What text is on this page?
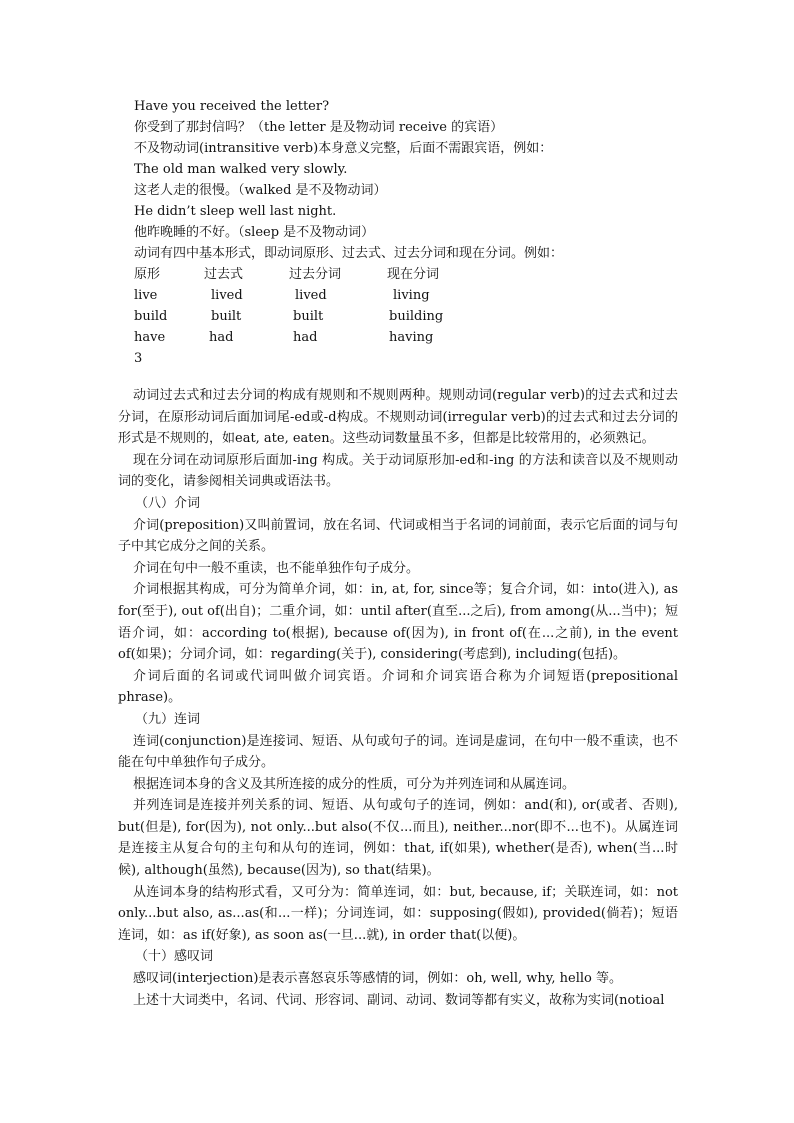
Have you received the letter?
你受到了那封信吗？（the letter 是及物动词 receive 的宾语）
不及物动词(intransitive verb)本身意义完整，后面不需跟宾语，例如：
The old man walked very slowly.
这老人走的很慢。（walked 是不及物动词）
He didn’t sleep well last night.
他昨晚睡的不好。（sleep 是不及物动词）
动词有四中基本形式，即动词原形、过去式、过去分词和现在分词。例如：
原形	过去式	过去分词	现在分词
live	lived	lived	living
build	built	built	building
have	had	had	having
3

动词过去式和过去分词的构成有规则和不规则两种。规则动词(regular verb)的过去式和过去分词，在原形动词后面加词尾-ed或-d构成。不规则动词(irregular verb)的过去式和过去分词的形式是不规则的，如eat, ate, eaten。这些动词数量虽不多，但都是比较常用的，必须熟记。

现在分词在动词原形后面加-ing 构成。关于动词原形加-ed和-ing 的方法和读音以及不规则动词的变化，请参阅相关词典或语法书。

（八）介词

介词(preposition)又叫前置词，放在名词、代词或相当于名词的词前面，表示它后面的词与句子中其它成分之间的关系。

介词在句中一般不重读，也不能单独作句子成分。

介词根据其构成，可分为简单介词，如：in, at, for, since等；复合介词，如：into(进入), as for(至于), out of(出自)；二重介词，如：until after(直至...之后), from among(从...当中)；短语介词，如：according to(根据), because of(因为), in front of(在...之前), in the event of(如果)；分词介词，如：regarding(关于), considering(考虑到), including(包括)。

介词后面的名词或代词叫做介词宾语。介词和介词宾语合称为介词短语(prepositional phrase)。

（九）连词

连词(conjunction)是连接词、短语、从句或句子的词。连词是虚词，在句中一般不重读，也不能在句中单独作句子成分。

根据连词本身的含义及其所连接的成分的性质，可分为并列连词和从属连词。

并列连词是连接并列关系的词、短语、从句或句子的连词，例如：and(和), or(或者、否则), but(但是), for(因为), not only...but also(不仅...而且), neither...nor(即不...也不)。从属连词是连接主从复合句的主句和从句的连词，例如：that, if(如果), whether(是否), when(当...时候), although(虽然), because(因为), so that(结果)。

从连词本身的结构形式看，又可分为：简单连词，如：but, because, if；关联连词，如：not only...but also, as...as(和...一样)；分词连词，如：supposing(假如), provided(倘若)；短语连词，如：as if(好象), as soon as(一旦...就), in order that(以便)。

（十）感叹词

感叹词(interjection)是表示喜怒哀乐等感情的词，例如：oh, well, why, hello 等。

上述十大词类中，名词、代词、形容词、副词、动词、数词等都有实义，故称为实词(notioal
